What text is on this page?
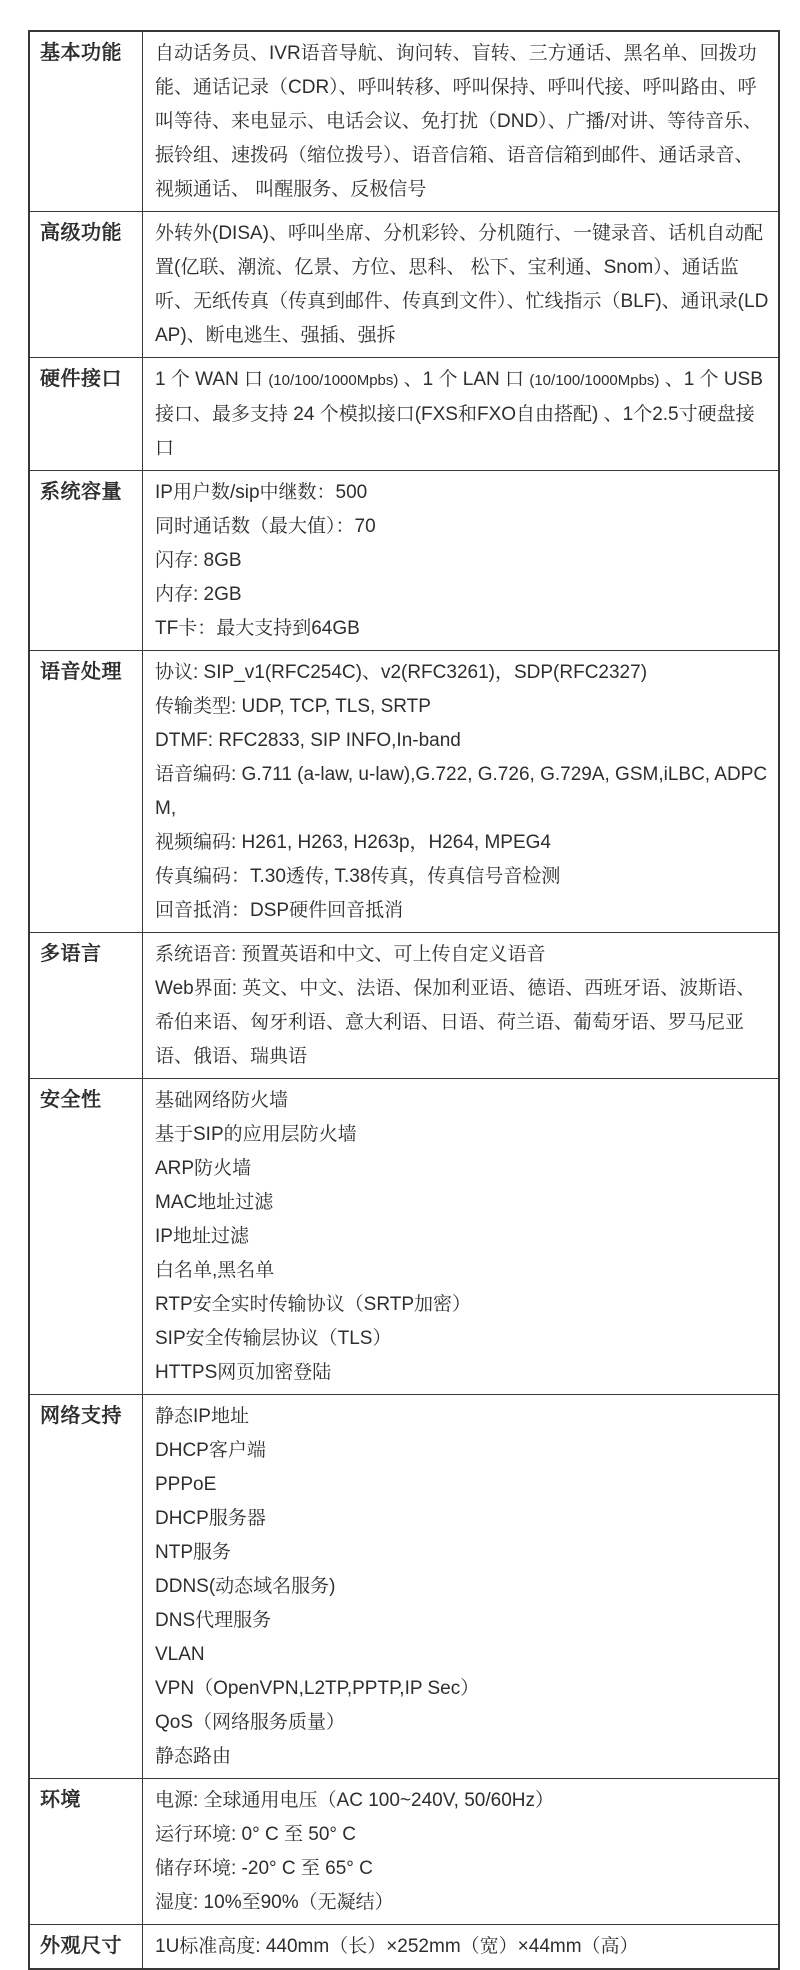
基本功能	自动话务员、IVR语音导航、询问转、盲转、三方通话、黑名单、回拨功能、通话记录（CDR）、呼叫转移、呼叫保持、呼叫代接、呼叫路由、呼叫等待、来电显示、电话会议、免打扰（DND）、广播/对讲、等待音乐、振铃组、速拨码（缩位拨号）、语音信箱、语音信箱到邮件、通话录音、视频通话、 叫醒服务、反极信号

高级功能	外转外(DISA)、呼叫坐席、分机彩铃、分机随行、一键录音、话机自动配置(亿联、潮流、亿景、方位、思科、 松下、宝利通、Snom）、通话监听、无纸传真（传真到邮件、传真到文件）、忙线指示（BLF)、通讯录(LDAP)、断电逃生、强插、强拆

硬件接口	1 个 WAN 口 (10/100/1000Mpbs) 、1 个 LAN 口 (10/100/1000Mpbs) 、1 个 USB 接口、最多支持 24 个模拟接口(FXS和FXO自由搭配) 、1个2.5寸硬盘接口

系统容量	IP用户数/sip中继数：500

同时通话数（最大值）：70

闪存: 8GB

内存: 2GB

TF卡：最大支持到64GB

语音处理	协议: SIP_v1(RFC254C)、v2(RFC3261)，SDP(RFC2327)

传输类型: UDP, TCP, TLS, SRTP

DTMF: RFC2833, SIP INFO,In-band

语音编码: G.711 (a-law, u-law),G.722, G.726, G.729A, GSM,iLBC, ADPCM,

视频编码: H261, H263, H263p，H264, MPEG4

传真编码：T.30透传, T.38传真，传真信号音检测

回音抵消：DSP硬件回音抵消

多语言	系统语音: 预置英语和中文、可上传自定义语音

Web界面: 英文、中文、法语、保加利亚语、德语、西班牙语、波斯语、希伯来语、匈牙利语、意大利语、日语、荷兰语、葡萄牙语、罗马尼亚语、俄语、瑞典语

安全性	基础网络防火墙

基于SIP的应用层防火墙

ARP防火墙

MAC地址过滤

IP地址过滤

白名单,黑名单

RTP安全实时传输协议（SRTP加密）

SIP安全传输层协议（TLS）

HTTPS网页加密登陆

网络支持	静态IP地址

DHCP客户端

PPPoE

DHCP服务器

NTP服务

DDNS(动态域名服务)

DNS代理服务

VLAN

VPN（OpenVPN,L2TP,PPTP,IP Sec）

QoS（网络服务质量）

静态路由

环境	电源: 全球通用电压（AC 100~240V, 50/60Hz）

运行环境: 0° C 至 50° C

储存环境: -20° C 至 65° C

湿度: 10%至90%（无凝结）

外观尺寸	1U标准高度: 440mm（长）×252mm（宽）×44mm（高）
